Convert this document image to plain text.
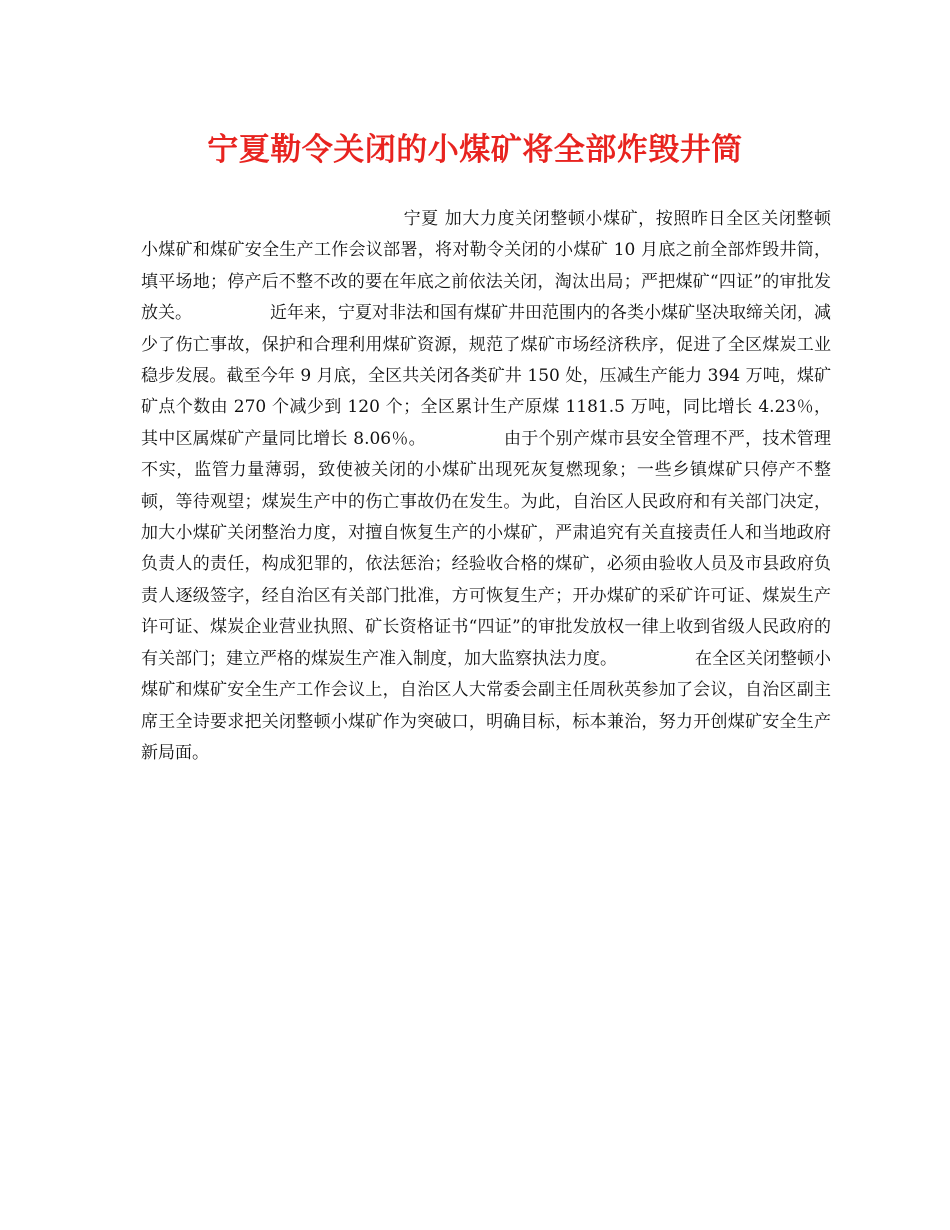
宁夏勒令关闭的小煤矿将全部炸毁井筒

宁夏 加大力度关闭整顿小煤矿，按照昨日全区关闭整顿小煤矿和煤矿安全生产工作会议部署，将对勒令关闭的小煤矿 10 月底之前全部炸毁井筒，填平场地；停产后不整不改的要在年底之前依法关闭，淘汰出局；严把煤矿“四证”的审批发放关。	近年来，宁夏对非法和国有煤矿井田范围内的各类小煤矿坚决取缔关闭，减少了伤亡事故，保护和合理利用煤矿资源，规范了煤矿市场经济秩序，促进了全区煤炭工业稳步发展。截至今年 9 月底，全区共关闭各类矿井 150 处，压减生产能力 394 万吨，煤矿矿点个数由 270 个减少到 120 个；全区累计生产原煤 1181.5 万吨，同比增长 4.23％，其中区属煤矿产量同比增长 8.06％。	由于个别产煤市县安全管理不严，技术管理不实，监管力量薄弱，致使被关闭的小煤矿出现死灰复燃现象；一些乡镇煤矿只停产不整顿，等待观望；煤炭生产中的伤亡事故仍在发生。为此，自治区人民政府和有关部门决定，加大小煤矿关闭整治力度，对擅自恢复生产的小煤矿，严肃追究有关直接责任人和当地政府负责人的责任，构成犯罪的，依法惩治；经验收合格的煤矿，必须由验收人员及市县政府负责人逐级签字，经自治区有关部门批准，方可恢复生产；开办煤矿的采矿许可证、煤炭生产许可证、煤炭企业营业执照、矿长资格证书“四证”的审批发放权一律上收到省级人民政府的有关部门；建立严格的煤炭生产准入制度，加大监察执法力度。	在全区关闭整顿小煤矿和煤矿安全生产工作会议上，自治区人大常委会副主任周秋英参加了会议，自治区副主席王全诗要求把关闭整顿小煤矿作为突破口，明确目标，标本兼治，努力开创煤矿安全生产新局面。
